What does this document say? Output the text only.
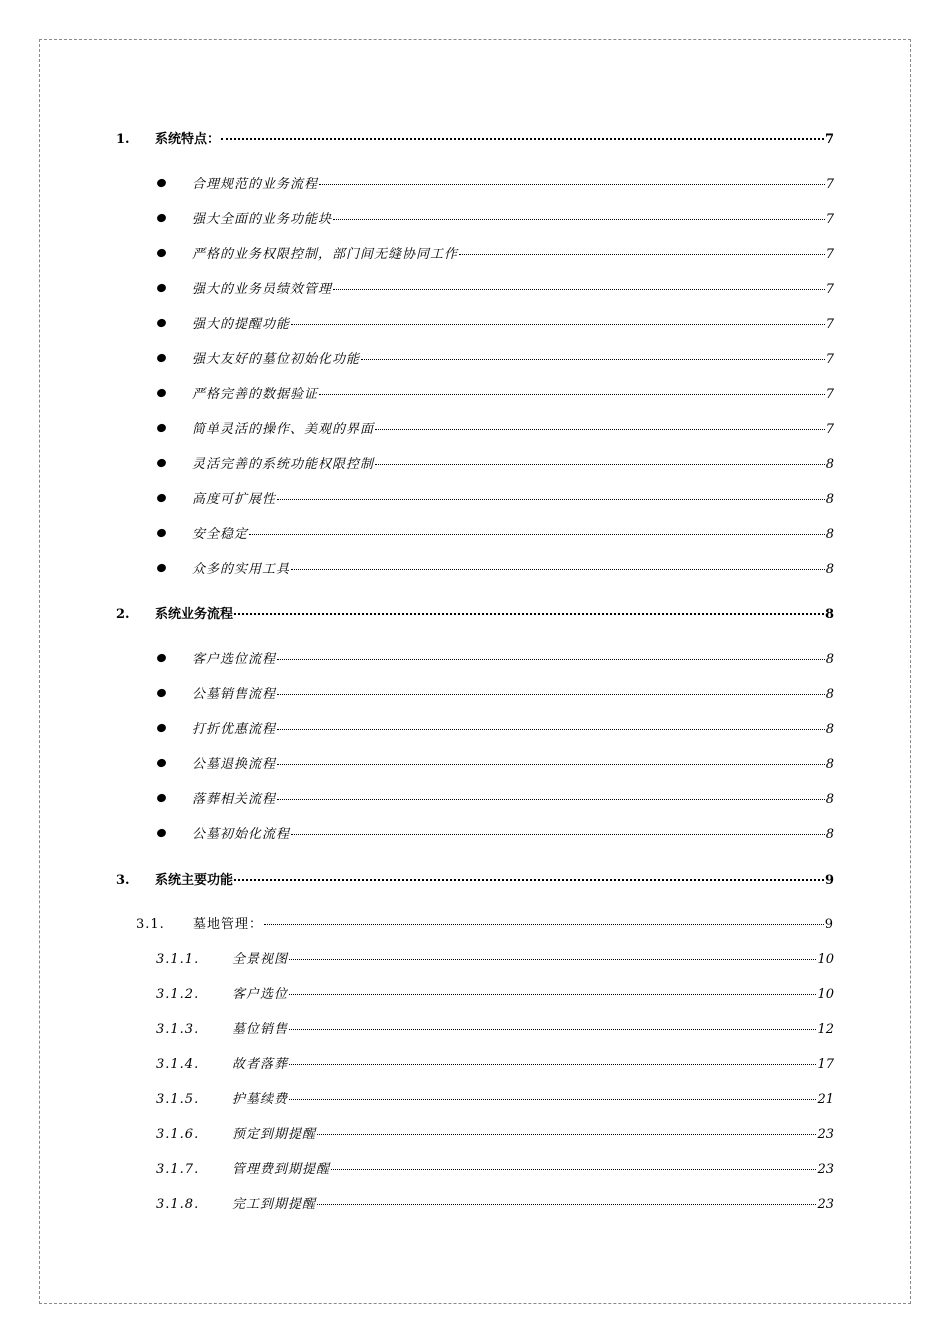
1.	系统特点：	7
合理规范的业务流程	7
强大全面的业务功能块	7
严格的业务权限控制，部门间无缝协同工作	7
强大的业务员绩效管理	7
强大的提醒功能	7
强大友好的墓位初始化功能	7
严格完善的数据验证	7
简单灵活的操作、美观的界面	7
灵活完善的系统功能权限控制	8
高度可扩展性	8
安全稳定	8
众多的实用工具	8
2.	系统业务流程	8
客户选位流程	8
公墓销售流程	8
打折优惠流程	8
公墓退换流程	8
落葬相关流程	8
公墓初始化流程	8
3.	系统主要功能	9
3.1.	墓地管理：	9
3.1.1.	全景视图	10
3.1.2.	客户选位	10
3.1.3.	墓位销售	12
3.1.4.	故者落葬	17
3.1.5.	护墓续费	21
3.1.6.	预定到期提醒	23
3.1.7.	管理费到期提醒	23
3.1.8.	完工到期提醒	23
